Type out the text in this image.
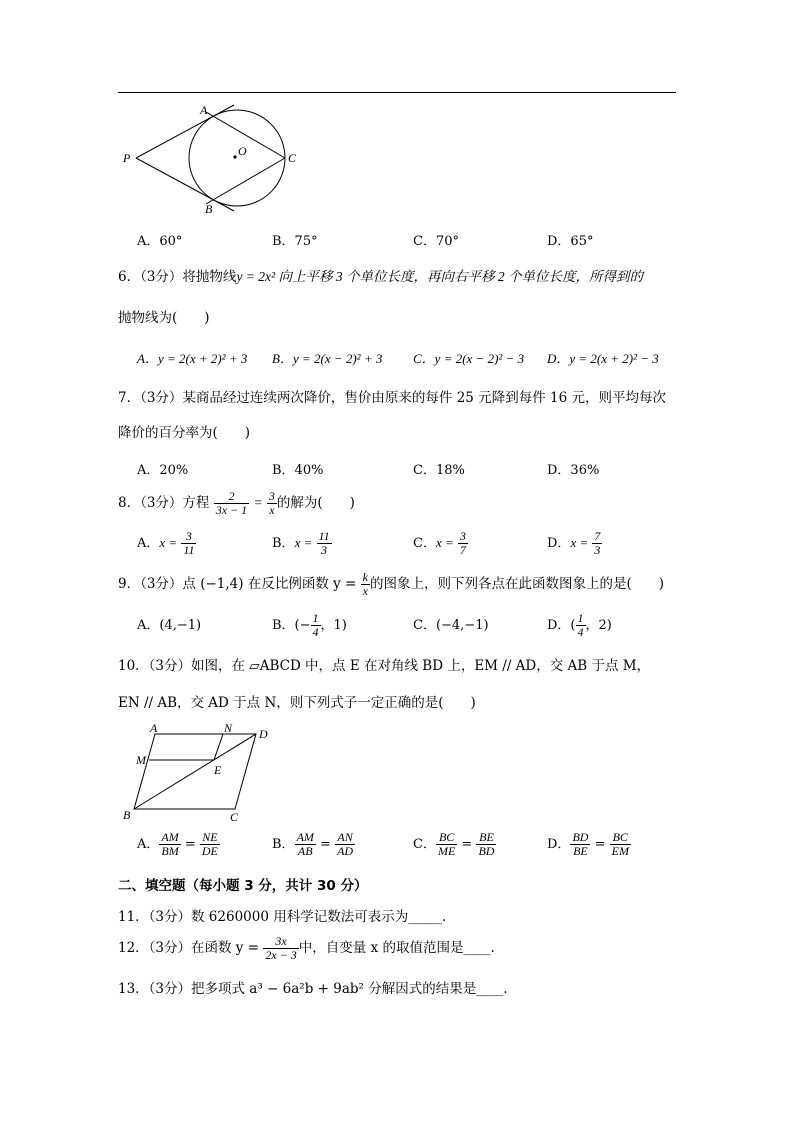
P
A
B
C
O
A．60°	B．75°	C．70°	D．65°
6．（3分）将抛物线y = 2x² 向上平移 3 个单位长度，再向右平移 2 个单位长度，所得到的
抛物线为(　　)
A．y = 2(x + 2)² + 3 B．y = 2(x − 2)² + 3 C．y = 2(x − 2)² − 3 D．y = 2(x + 2)² − 3
7．（3分）某商品经过连续两次降价，售价由原来的每件 25 元降到每件 16 元，则平均每次
降价的百分率为(　　)
A．20%	B．40%	C．18%	D．36%
8．（3分）方程 $\frac{2}{3x - 1} = \frac{3}{x}$ 的解为(　　)
A．$x = \frac{3}{11}$	B．$x = \frac{11}{3}$	C．$x = \frac{3}{7}$	D．$x = \frac{7}{3}$
9．（3分）点 (−1,4) 在反比例函数 $y = \frac{k}{x}$ 的图象上，则下列各点在此函数图象上的是(　　)
A．(4,−1)	B．(− $\frac{1}{4}$ ，1)	C．(−4,−1)	D．( $\frac{1}{4}$ ，2)
10．（3分）如图，在 ▱ABCD 中，点 E 在对角线 BD 上，EM // AD，交 AB 于点 M，
EN // AB，交 AD 于点 N，则下列式子一定正确的是(　　)
A	N D
M
E
B	C
A． $\frac{AM}{BM} = \frac{NE}{DE}$	B． $\frac{AM}{AB} = \frac{AN}{AD}$	C． $\frac{BC}{ME} = \frac{BE}{BD}$	D． $\frac{BD}{BE} = \frac{BC}{EM}$
二、填空题（每小题 3 分，共计 30 分）
11．（3分）数 6260000 用科学记数法可表示为_____.
12．（3分）在函数 $y = \frac{3x}{2x - 3}$ 中，自变量 x 的取值范围是____.
13．（3分）把多项式 a³ − 6a²b + 9ab² 分解因式的结果是____.
